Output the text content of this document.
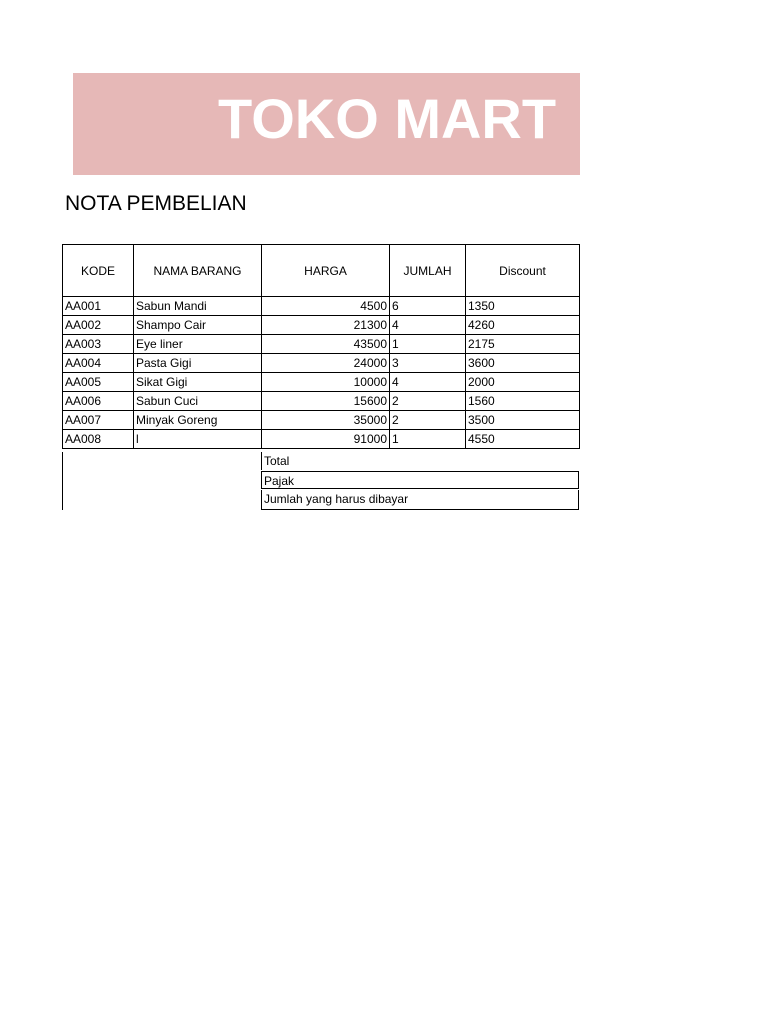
TOKO MART
NOTA PEMBELIAN
KODE	NAMA BARANG	HARGA	JUMLAH	Discount
AA001	Sabun Mandi	4500	6	1350
AA002	Shampo Cair	21300	4	4260
AA003	Eye liner	43500	1	2175
AA004	Pasta Gigi	24000	3	3600
AA005	Sikat Gigi	10000	4	2000
AA006	Sabun Cuci	15600	2	1560
AA007	Minyak Goreng	35000	2	3500
AA008	l	91000	1	4550
Total
Pajak
Jumlah yang harus dibayar
